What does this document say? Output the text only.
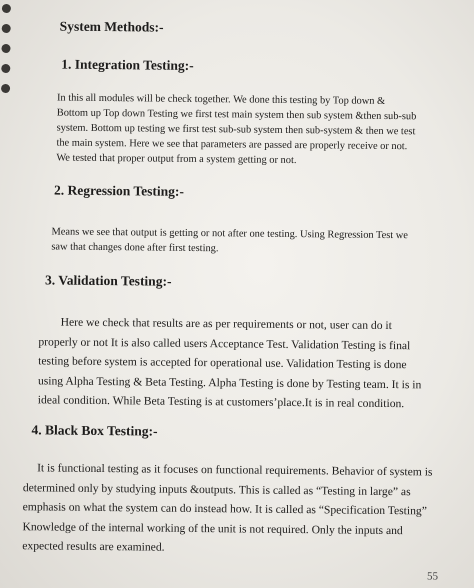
System Methods:-
1. Integration Testing:-
In this all modules will be check together. We done this testing by Top down & Bottom up Top down Testing we first test main system then sub system &then sub-sub system. Bottom up testing we first test sub-sub system then sub-system & then we test the main system. Here we see that parameters are passed are properly receive or not. We tested that proper output from a system getting or not.
2. Regression Testing:-
Means we see that output is getting or not after one testing. Using Regression Test we saw that changes done after first testing.
3. Validation Testing:-
Here we check that results are as per requirements or not, user can do it properly or not It is also called users Acceptance Test. Validation Testing is final testing before system is accepted for operational use. Validation Testing is done using Alpha Testing & Beta Testing. Alpha Testing is done by Testing team. It is in ideal condition. While Beta Testing is at customers’place.It is in real condition.
4. Black Box Testing:-
It is functional testing as it focuses on functional requirements. Behavior of system is determined only by studying inputs &outputs. This is called as “Testing in large” as emphasis on what the system can do instead how. It is called as “Specification Testing” Knowledge of the internal working of the unit is not required. Only the inputs and expected results are examined.
55
